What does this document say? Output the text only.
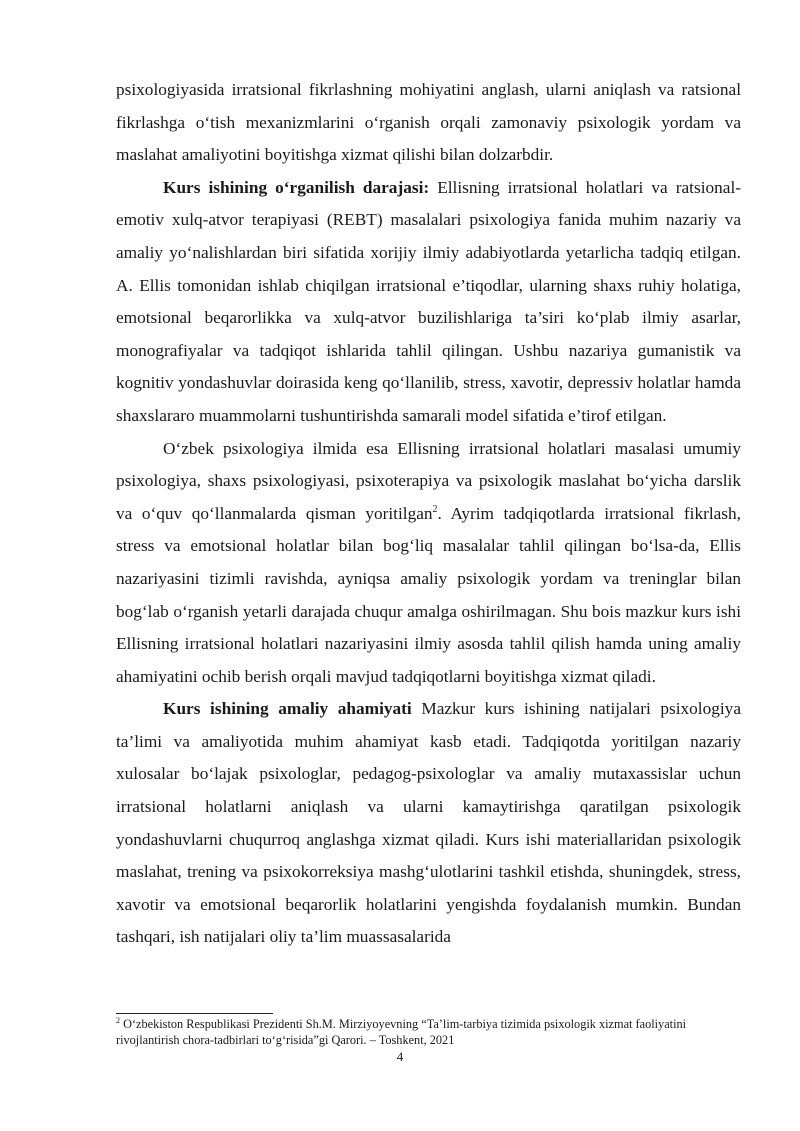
psixologiyasida irratsional fikrlashning mohiyatini anglash, ularni aniqlash va ratsional fikrlashga o‘tish mexanizmlarini o‘rganish orqali zamonaviy psixologik yordam va maslahat amaliyotini boyitishga xizmat qilishi bilan dolzarbdir.

Kurs ishining o‘rganilish darajasi: Ellisning irratsional holatlari va ratsional-emotiv xulq-atvor terapiyasi (REBT) masalalari psixologiya fanida muhim nazariy va amaliy yo‘nalishlardan biri sifatida xorijiy ilmiy adabiyotlarda yetarlicha tadqiq etilgan. A. Ellis tomonidan ishlab chiqilgan irratsional e’tiqodlar, ularning shaxs ruhiy holatiga, emotsional beqarorlikka va xulq-atvor buzilishlariga ta’siri ko‘plab ilmiy asarlar, monografiyalar va tadqiqot ishlarida tahlil qilingan. Ushbu nazariya gumanistik va kognitiv yondashuvlar doirasida keng qo‘llanilib, stress, xavotir, depressiv holatlar hamda shaxslararo muammolarni tushuntirishda samarali model sifatida e’tirof etilgan.

O‘zbek psixologiya ilmida esa Ellisning irratsional holatlari masalasi umumiy psixologiya, shaxs psixologiyasi, psixoterapiya va psixologik maslahat bo‘yicha darslik va o‘quv qo‘llanmalarda qisman yoritilgan$^2$. Ayrim tadqiqotlarda irratsional fikrlash, stress va emotsional holatlar bilan bog‘liq masalalar tahlil qilingan bo‘lsa-da, Ellis nazariyasini tizimli ravishda, ayniqsa amaliy psixologik yordam va treninglar bilan bog‘lab o‘rganish yetarli darajada chuqur amalga oshirilmagan. Shu bois mazkur kurs ishi Ellisning irratsional holatlari nazariyasini ilmiy asosda tahlil qilish hamda uning amaliy ahamiyatini ochib berish orqali mavjud tadqiqotlarni boyitishga xizmat qiladi.

Kurs ishining amaliy ahamiyati Mazkur kurs ishining natijalari psixologiya ta’limi va amaliyotida muhim ahamiyat kasb etadi. Tadqiqotda yoritilgan nazariy xulosalar bo‘lajak psixologlar, pedagog-psixologlar va amaliy mutaxassislar uchun irratsional holatlarni aniqlash va ularni kamaytirishga qaratilgan psixologik yondashuvlarni chuqurroq anglashga xizmat qiladi. Kurs ishi materiallaridan psixologik maslahat, trening va psixokorreksiya mashg‘ulotlarini tashkil etishda, shuningdek, stress, xavotir va emotsional beqarorlik holatlarini yengishda foydalanish mumkin. Bundan tashqari, ish natijalari oliy ta’lim muassasalarida

$^2$ O‘zbekiston Respublikasi Prezidenti Sh.M. Mirziyoyevning “Ta’lim-tarbiya tizimida psixologik xizmat faoliyatini rivojlantirish chora-tadbirlari to‘g‘risida”gi Qarori. – Toshkent, 2021
4
